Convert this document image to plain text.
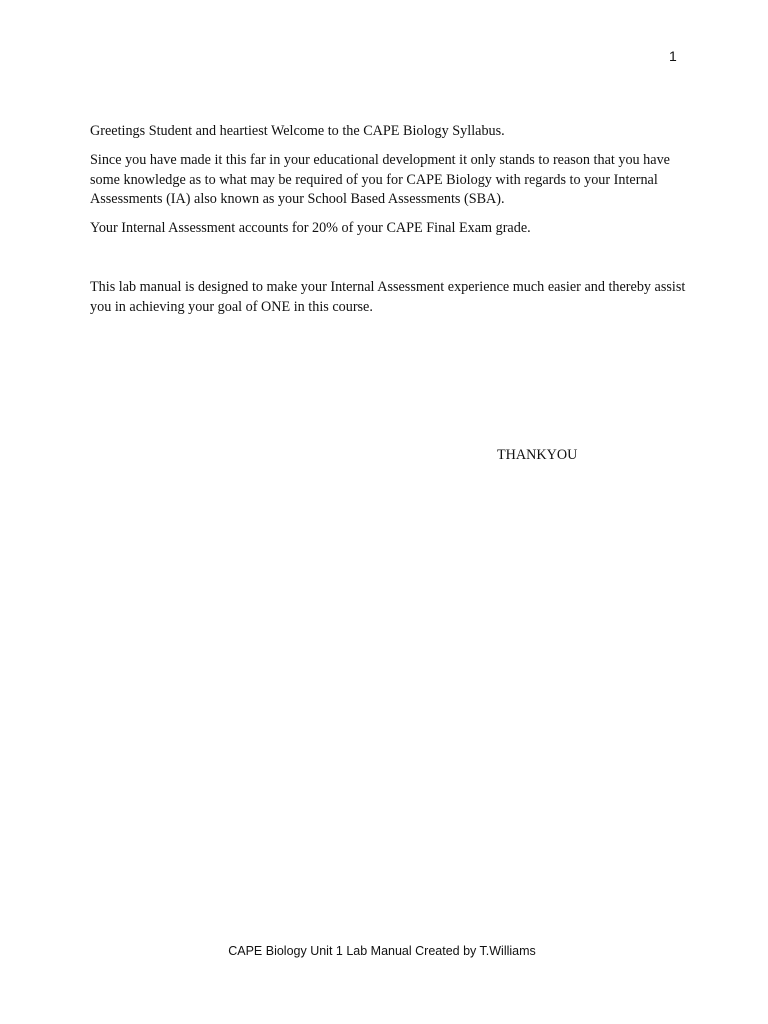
1

Greetings Student and heartiest Welcome to the CAPE Biology Syllabus.

Since you have made it this far in your educational development it only stands to reason that you have some knowledge as to what may be required of you for CAPE Biology with regards to your Internal Assessments (IA) also known as your School Based Assessments (SBA).

Your Internal Assessment accounts for 20% of your CAPE Final Exam grade.

This lab manual is designed to make your Internal Assessment experience much easier and thereby assist you in achieving your goal of ONE in this course.

THANKYOU
CAPE Biology Unit 1 Lab Manual Created by T.Williams
